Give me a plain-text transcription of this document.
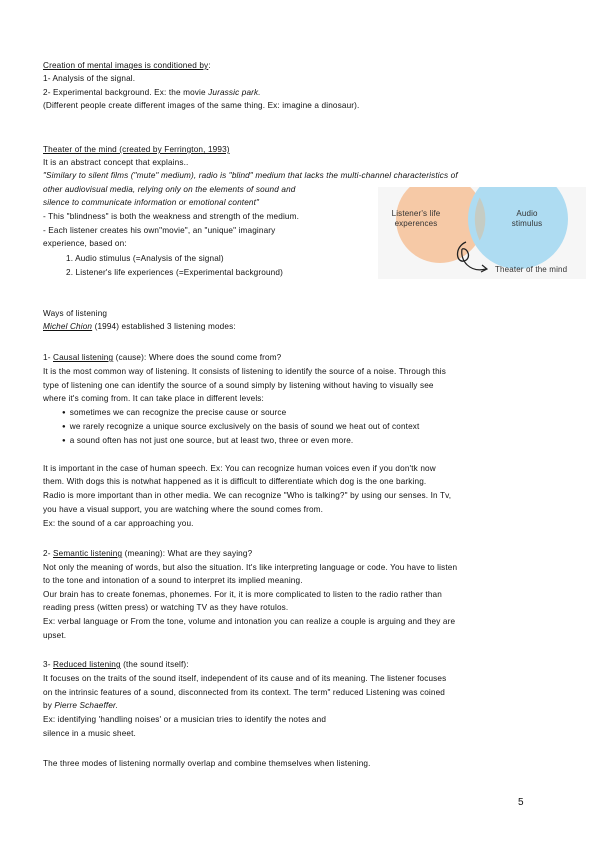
Creation of mental images is conditioned by:
1- Analysis of the signal.
2- Experimental background. Ex: the movie Jurassic park.
(Different people create different images of the same thing. Ex: imagine a dinosaur).
Theater of the mind (created by Ferrington, 1993)
It is an abstract concept that explains..
"Similary to silent films ("mute" medium), radio is "blind" medium that lacks the multi-channel characteristics of
other audiovisual media, relying only on the elements of sound and
silence to communicate information or emotional content"
- This "blindness" is both the weakness and strength of the medium.
- Each listener creates his own"movie", an "unique" imaginary
experience, based on:
1. Audio stimulus (=Analysis of the signal)
2. Listener's life experiences (=Experimental background)
Listener's life
experences
Audio
stimulus
Theater of the mind
Ways of listening
Michel Chion (1994) established 3 listening modes:
1- Causal listening (cause): Where does the sound come from?
It is the most common way of listening. It consists of listening to identify the source of a noise. Through this
type of listening one can identify the source of a sound simply by listening without having to visually see
where it's coming from. It can take place in different levels:
● sometimes we can recognize the precise cause or source
● we rarely recognize a unique source exclusively on the basis of sound we heat out of context
● a sound often has not just one source, but at least two, three or even more.
It is important in the case of human speech. Ex: You can recognize human voices even if you don'tk now
them. With dogs this is notwhat happened as it is difficult to differentiate which dog is the one barking.
Radio is more important than in other media. We can recognize "Who is talking?" by using our senses. In Tv,
you have a visual support, you are watching where the sound comes from.
Ex: the sound of a car approaching you.
2- Semantic listening (meaning): What are they saying?
Not only the meaning of words, but also the situation. It's like interpreting language or code. You have to listen
to the tone and intonation of a sound to interpret its implied meaning.
Our brain has to create fonemas, phonemes. For it, it is more complicated to listen to the radio rather than
reading press (witten press) or watching TV as they have rotulos.
Ex: verbal language or From the tone, volume and intonation you can realize a couple is arguing and they are
upset.
3- Reduced listening (the sound itself):
It focuses on the traits of the sound itself, independent of its cause and of its meaning. The listener focuses
on the intrinsic features of a sound, disconnected from its context. The term" reduced Listening was coined
by Pierre Schaeffer.
Ex: identifying 'handling noises' or a musician tries to identify the notes and
silence in a music sheet.
The three modes of listening normally overlap and combine themselves when listening.
5
